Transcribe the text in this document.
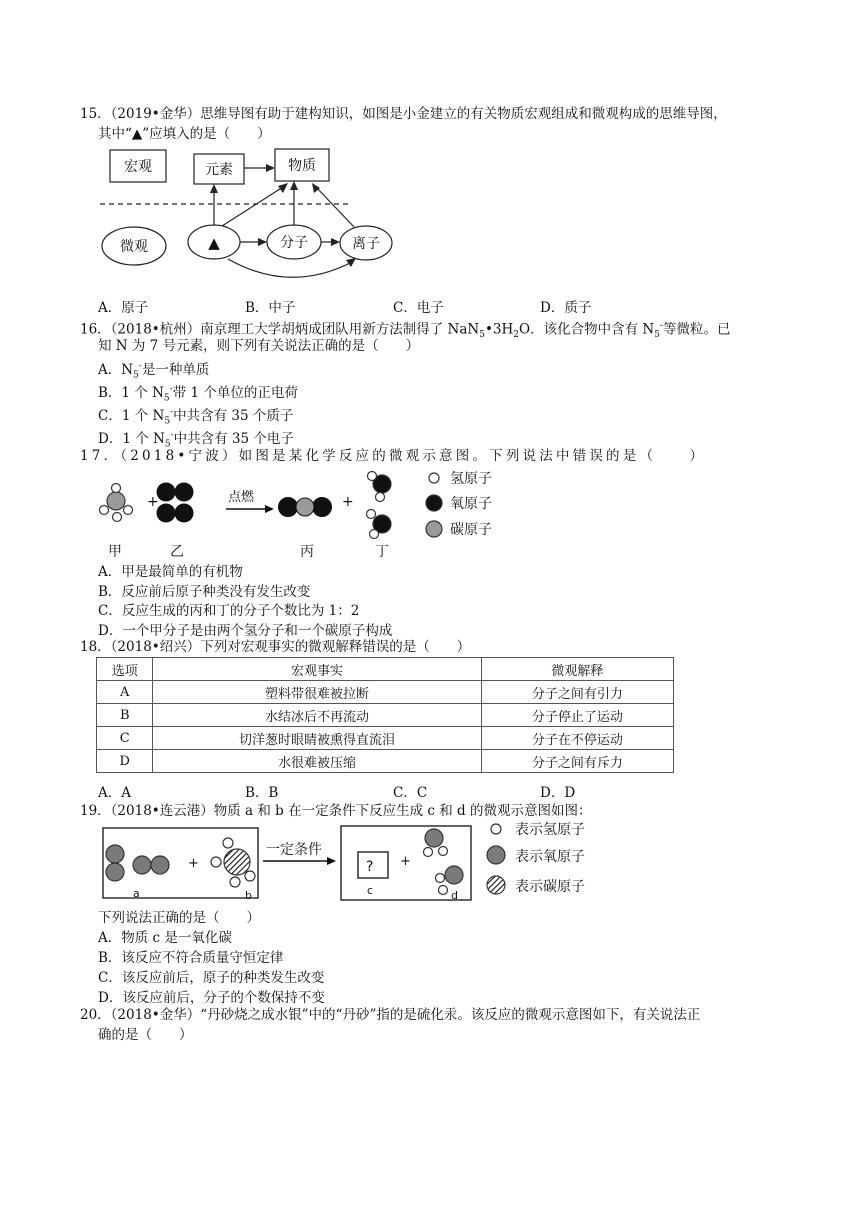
15．（2019•金华）思维导图有助于建构知识，如图是小金建立的有关物质宏观组成和微观构成的思维导图，
其中“▲”应填入的是（　　）
宏观	元素	物质
微观	▲	分子	离子
A．原子	B．中子	C．电子	D．质子
16．（2018•杭州）南京理工大学胡炳成团队用新方法制得了 $NaN_5•3H_2O$．该化合物中含有 $N_5^-$等微粒。已
知 N 为 7 号元素，则下列有关说法正确的是（　　）
A．$N_5^-$是一种单质
B．1 个 $N_5^-$带 1 个单位的正电荷
C．1 个 $N_5^-$中共含有 35 个质子
D．1 个 $N_5^-$中共含有 35 个电子
17．（2018•宁波）如图是某化学反应的微观示意图。下列说法中错误的是（　　）
+	+
点燃
氢原子
氧原子
碳原子
甲	乙	丙	丁
A．甲是最简单的有机物
B．反应前后原子种类没有发生改变
C．反应生成的丙和丁的分子个数比为 1：2
D．一个甲分子是由两个氢分子和一个碳原子构成
18．（2018•绍兴）下列对宏观事实的微观解释错误的是（　　）
选项	宏观事实	微观解释
A	塑料带很难被拉断	分子之间有引力
B	水结冰后不再流动	分子停止了运动
C	切洋葱时眼睛被熏得直流泪	分子在不停运动
D	水很难被压缩	分子之间有斥力
A．A	B．B	C．C	D．D
19．（2018•连云港）物质 a 和 b 在一定条件下反应生成 c 和 d 的微观示意图如图：
+	+
一定条件
a	b
?
c	d
表示氢原子
表示氧原子
表示碳原子
下列说法正确的是（　　）
A．物质 c 是一氧化碳
B．该反应不符合质量守恒定律
C．该反应前后，原子的种类发生改变
D．该反应前后，分子的个数保持不变
20．（2018•金华）“丹砂烧之成水银”中的“丹砂”指的是硫化汞。该反应的微观示意图如下，有关说法正
确的是（　　）
